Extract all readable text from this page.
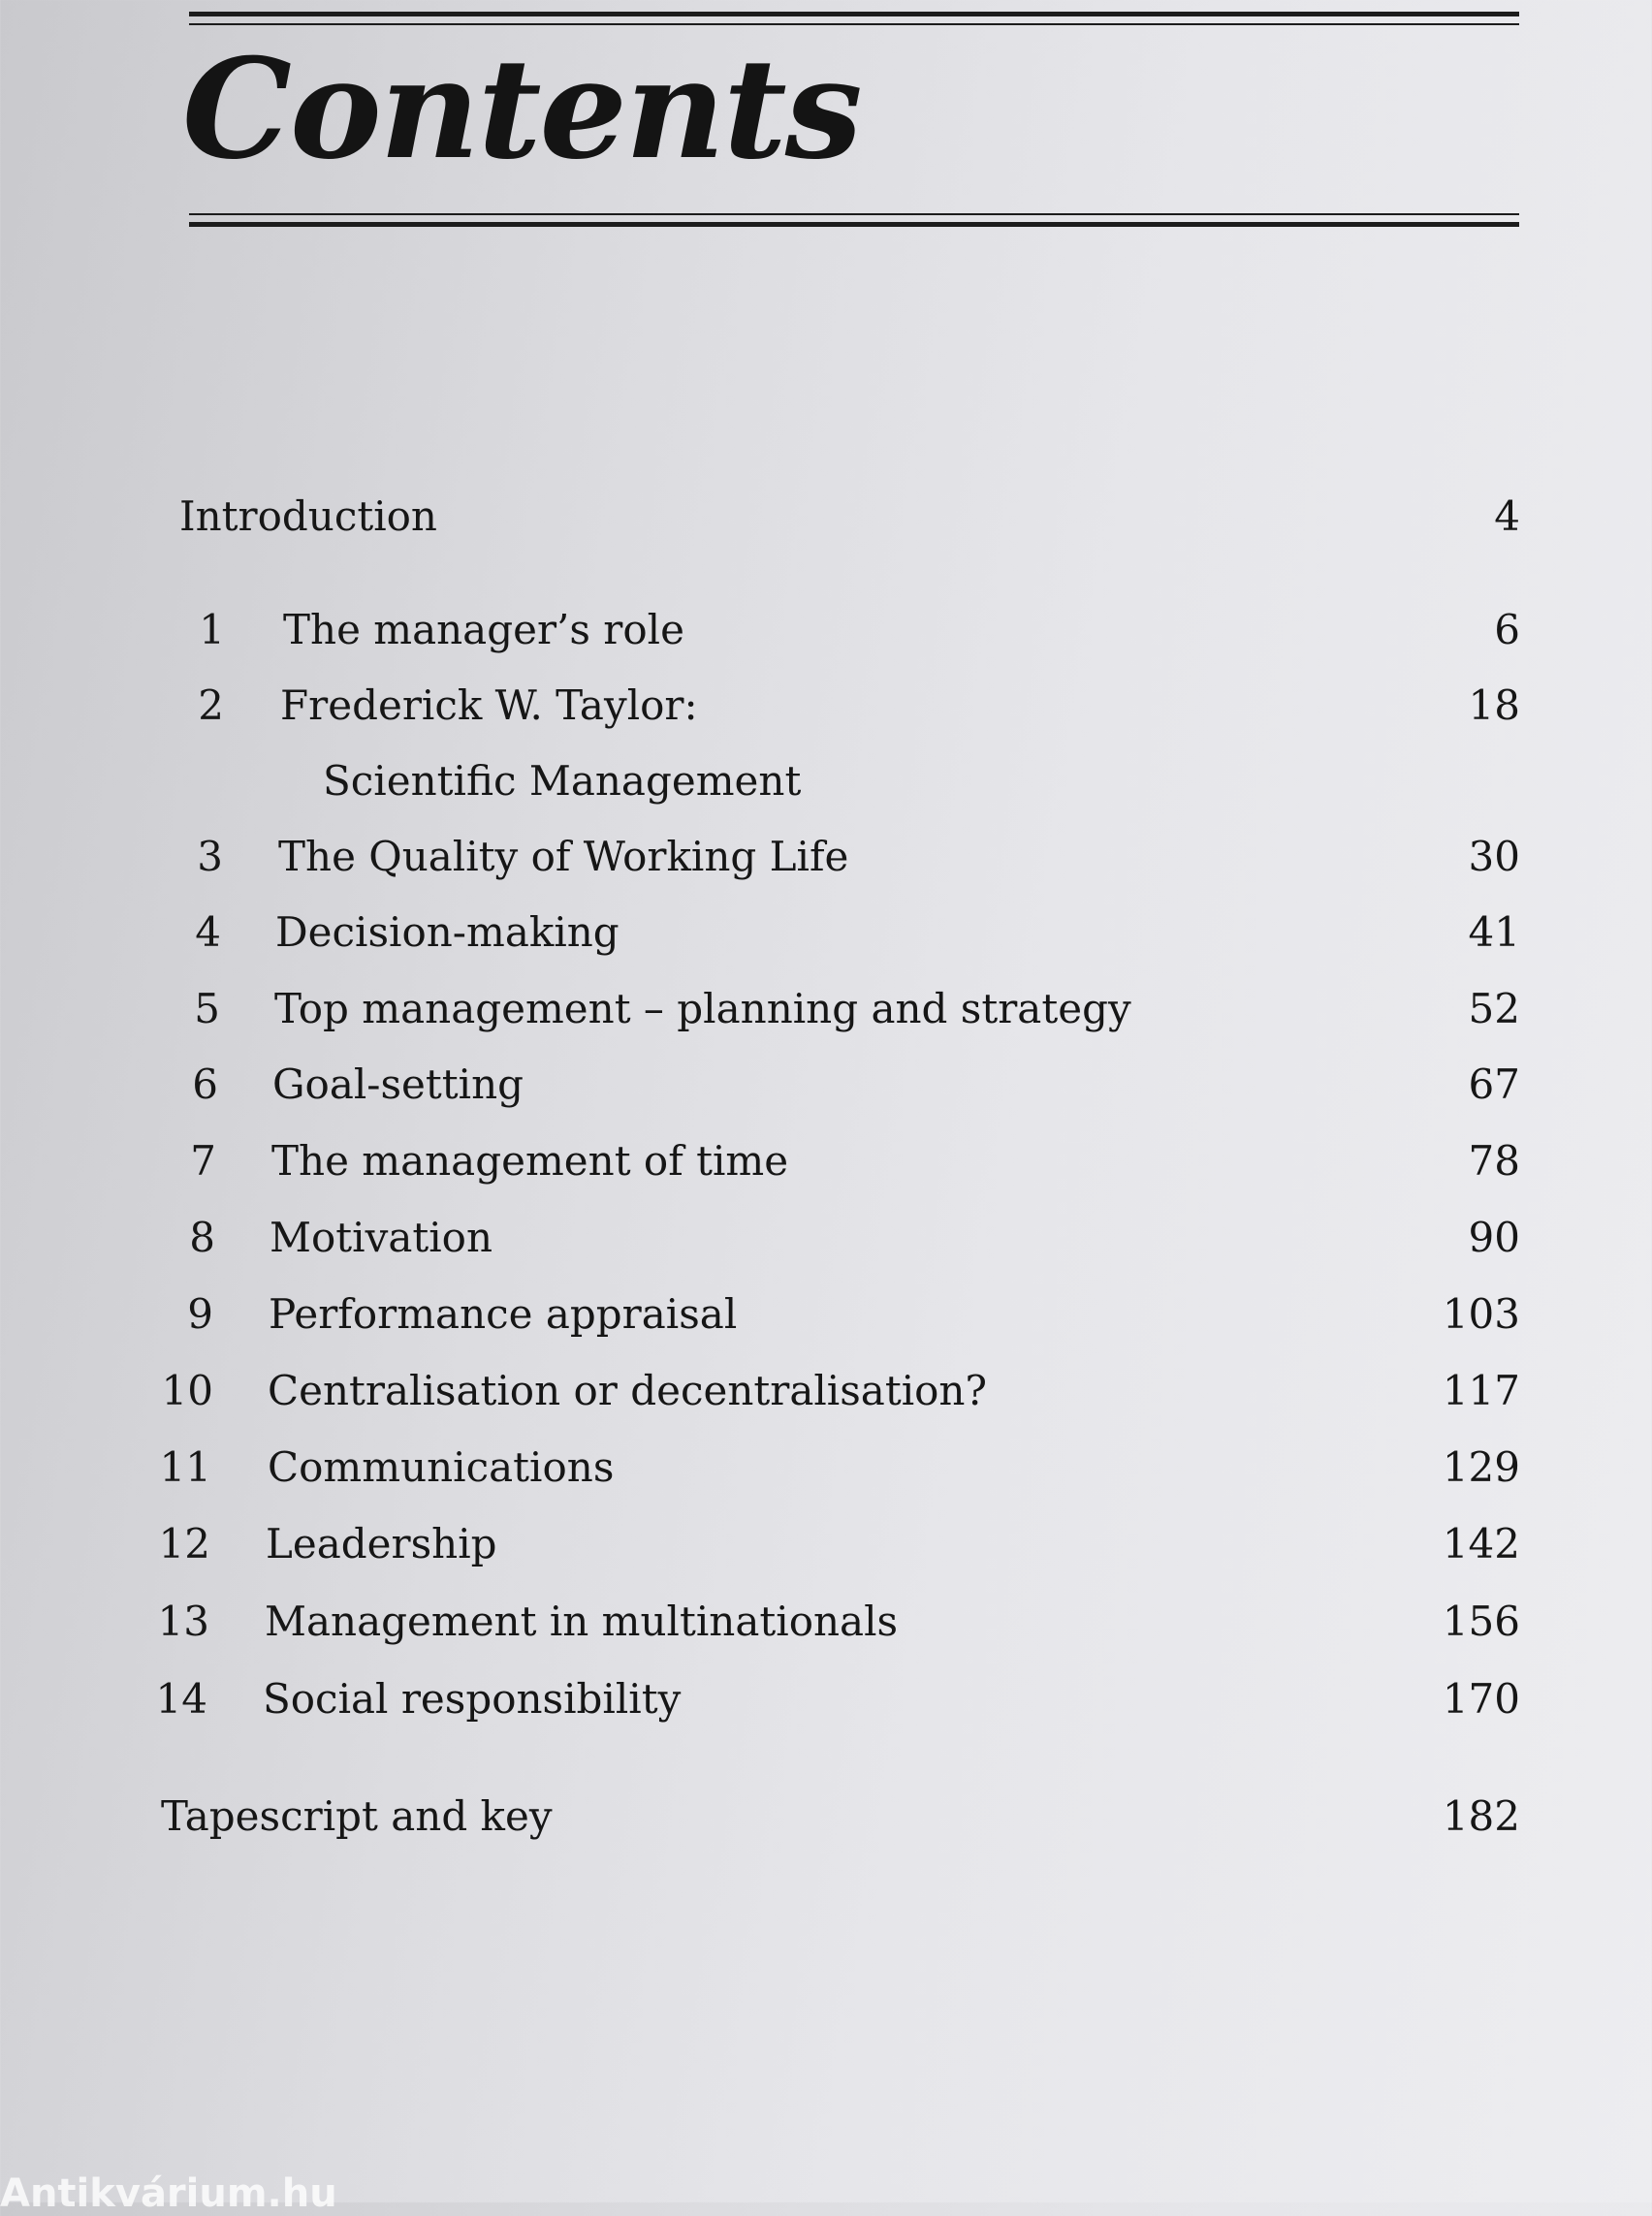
Contents
Introduction	4
1 The manager’s role	6
2 Frederick W. Taylor:	18
Scientific Management
3 The Quality of Working Life	30
4 Decision-making	41
5 Top management – planning and strategy	52
6 Goal-setting	67
7 The management of time	78
8 Motivation	90
9 Performance appraisal	103
10 Centralisation or decentralisation?	117
11 Communications	129
12 Leadership	142
13 Management in multinationals	156
14 Social responsibility	170
Tapescript and key	182
Antikvárium.hu
